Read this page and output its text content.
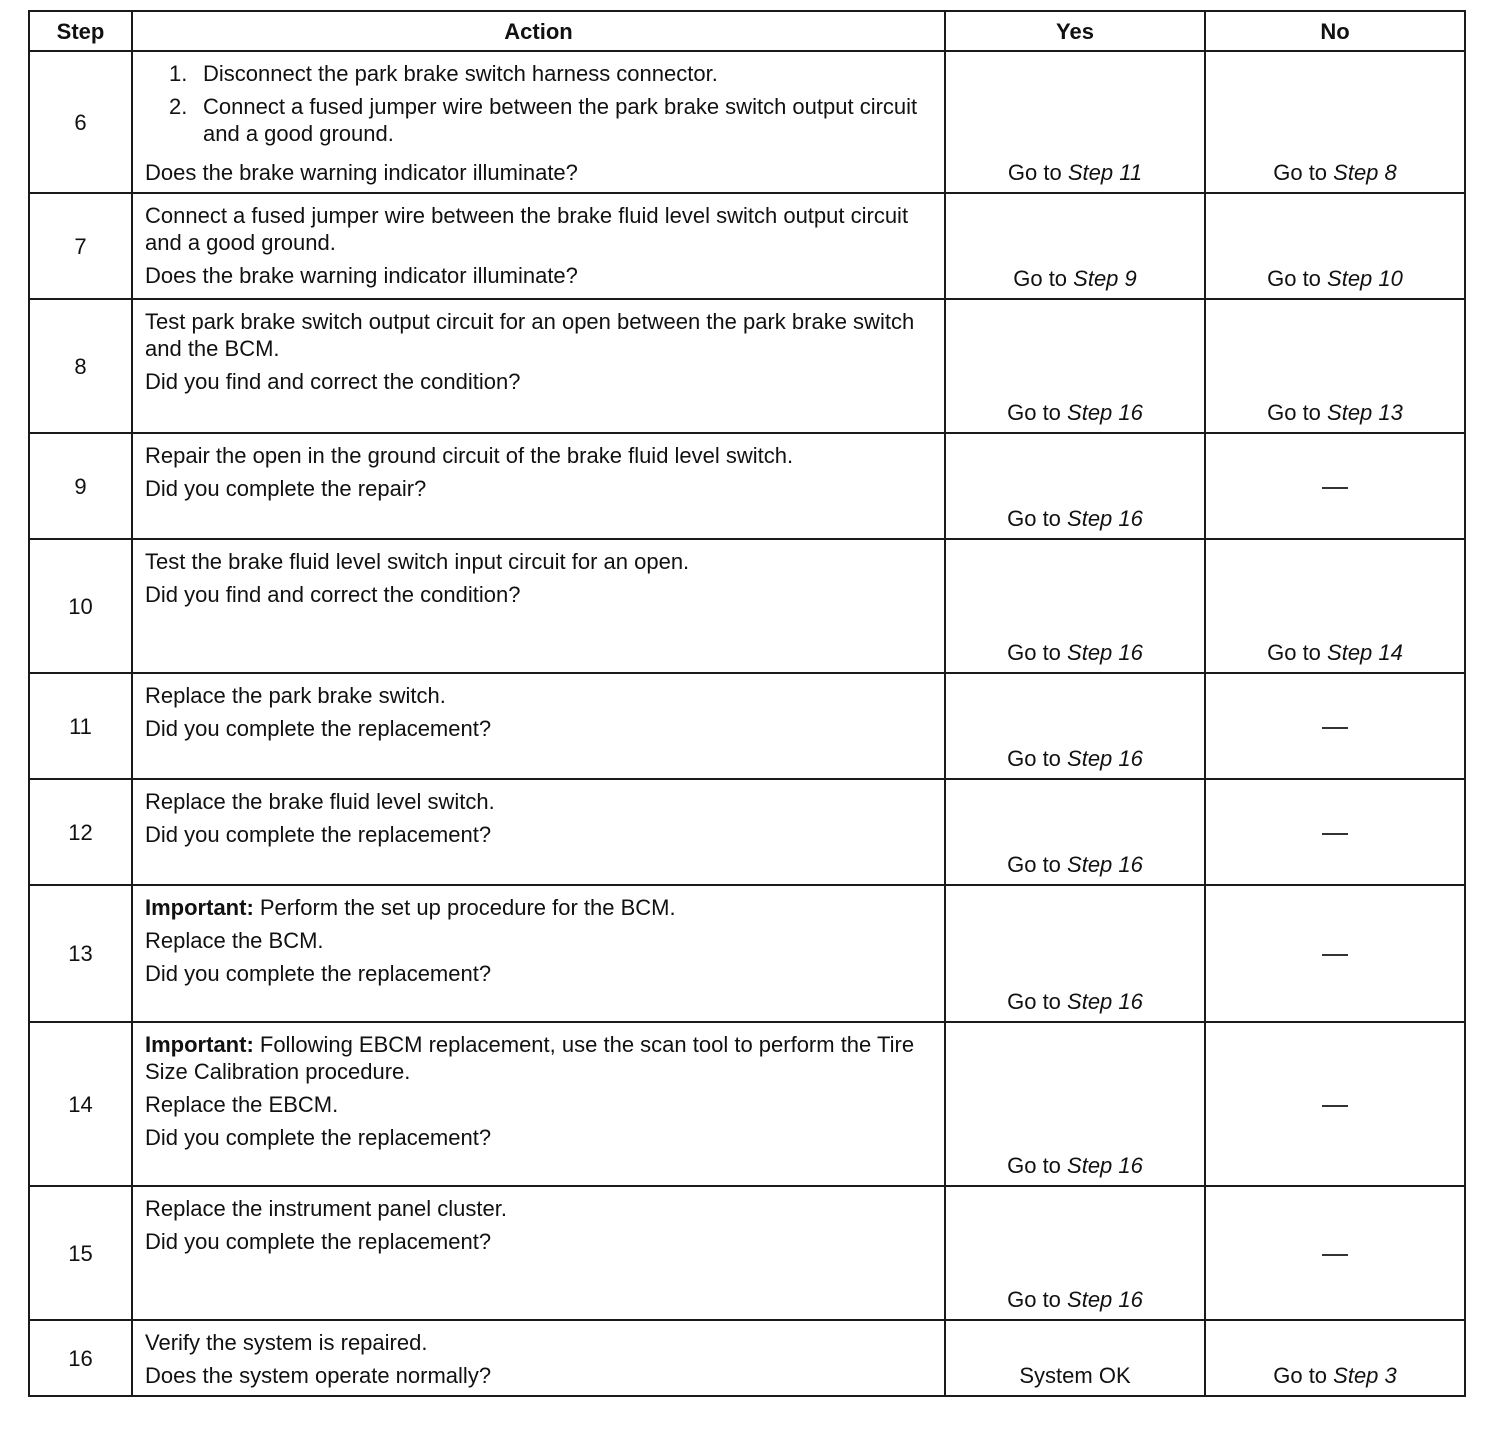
Step	Action	Yes	No
6	1. Disconnect the park brake switch harness connector.
2. Connect a fused jumper wire between the park brake switch output circuit and a good ground.

Does the brake warning indicator illuminate?	Go to Step 11	Go to Step 8
7	Connect a fused jumper wire between the brake fluid level switch output circuit and a good ground.

Does the brake warning indicator illuminate?	Go to Step 9	Go to Step 10
8	Test park brake switch output circuit for an open between the park brake switch and the BCM.

Did you find and correct the condition?	Go to Step 16	Go to Step 13
9	Repair the open in the ground circuit of the brake fluid level switch.

Did you complete the repair?	Go to Step 16	
10	Test the brake fluid level switch input circuit for an open.

Did you find and correct the condition?	Go to Step 16	Go to Step 14
11	Replace the park brake switch.

Did you complete the replacement?	Go to Step 16	
12	Replace the brake fluid level switch.

Did you complete the replacement?	Go to Step 16	
13	Important: Perform the set up procedure for the BCM.

Replace the BCM.

Did you complete the replacement?	Go to Step 16	
14	Important: Following EBCM replacement, use the scan tool to perform the Tire Size Calibration procedure.

Replace the EBCM.

Did you complete the replacement?	Go to Step 16	
15	Replace the instrument panel cluster.

Did you complete the replacement?	Go to Step 16	
16	Verify the system is repaired.

Does the system operate normally?	System OK	Go to Step 3
